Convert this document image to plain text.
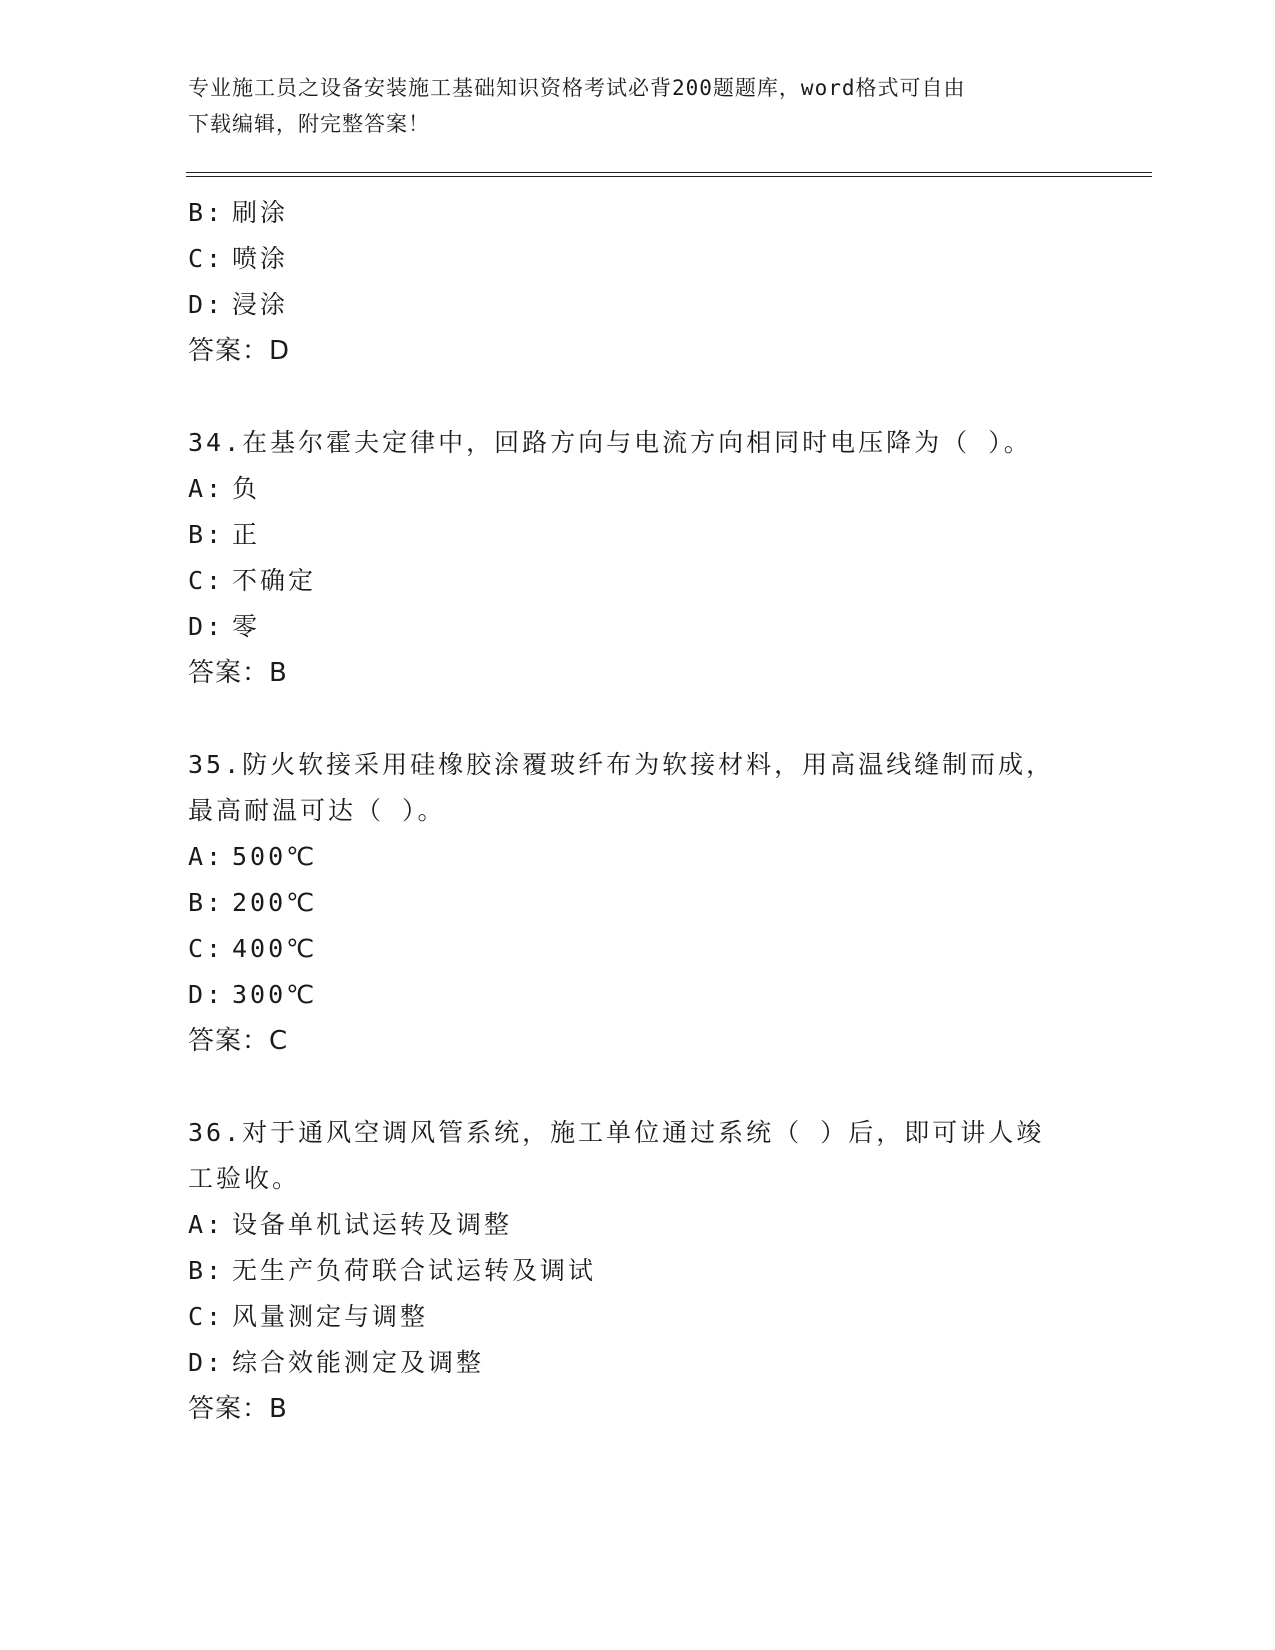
专业施工员之设备安装施工基础知识资格考试必背200题题库，word格式可自由
下载编辑，附完整答案！
B: 刷涂
C: 喷涂
D: 浸涂
答案：D
34.在基尔霍夫定律中，回路方向与电流方向相同时电压降为（ ）。
A: 负
B: 正
C: 不确定
D: 零
答案：B
35.防火软接采用硅橡胶涂覆玻纤布为软接材料，用高温线缝制而成，
最高耐温可达（ ）。
A: 500℃
B: 200℃
C: 400℃
D: 300℃
答案：C
36.对于通风空调风管系统，施工单位通过系统（ ）后，即可讲人竣
工验收。
A: 设备单机试运转及调整
B: 无生产负荷联合试运转及调试
C: 风量测定与调整
D: 综合效能测定及调整
答案：B
